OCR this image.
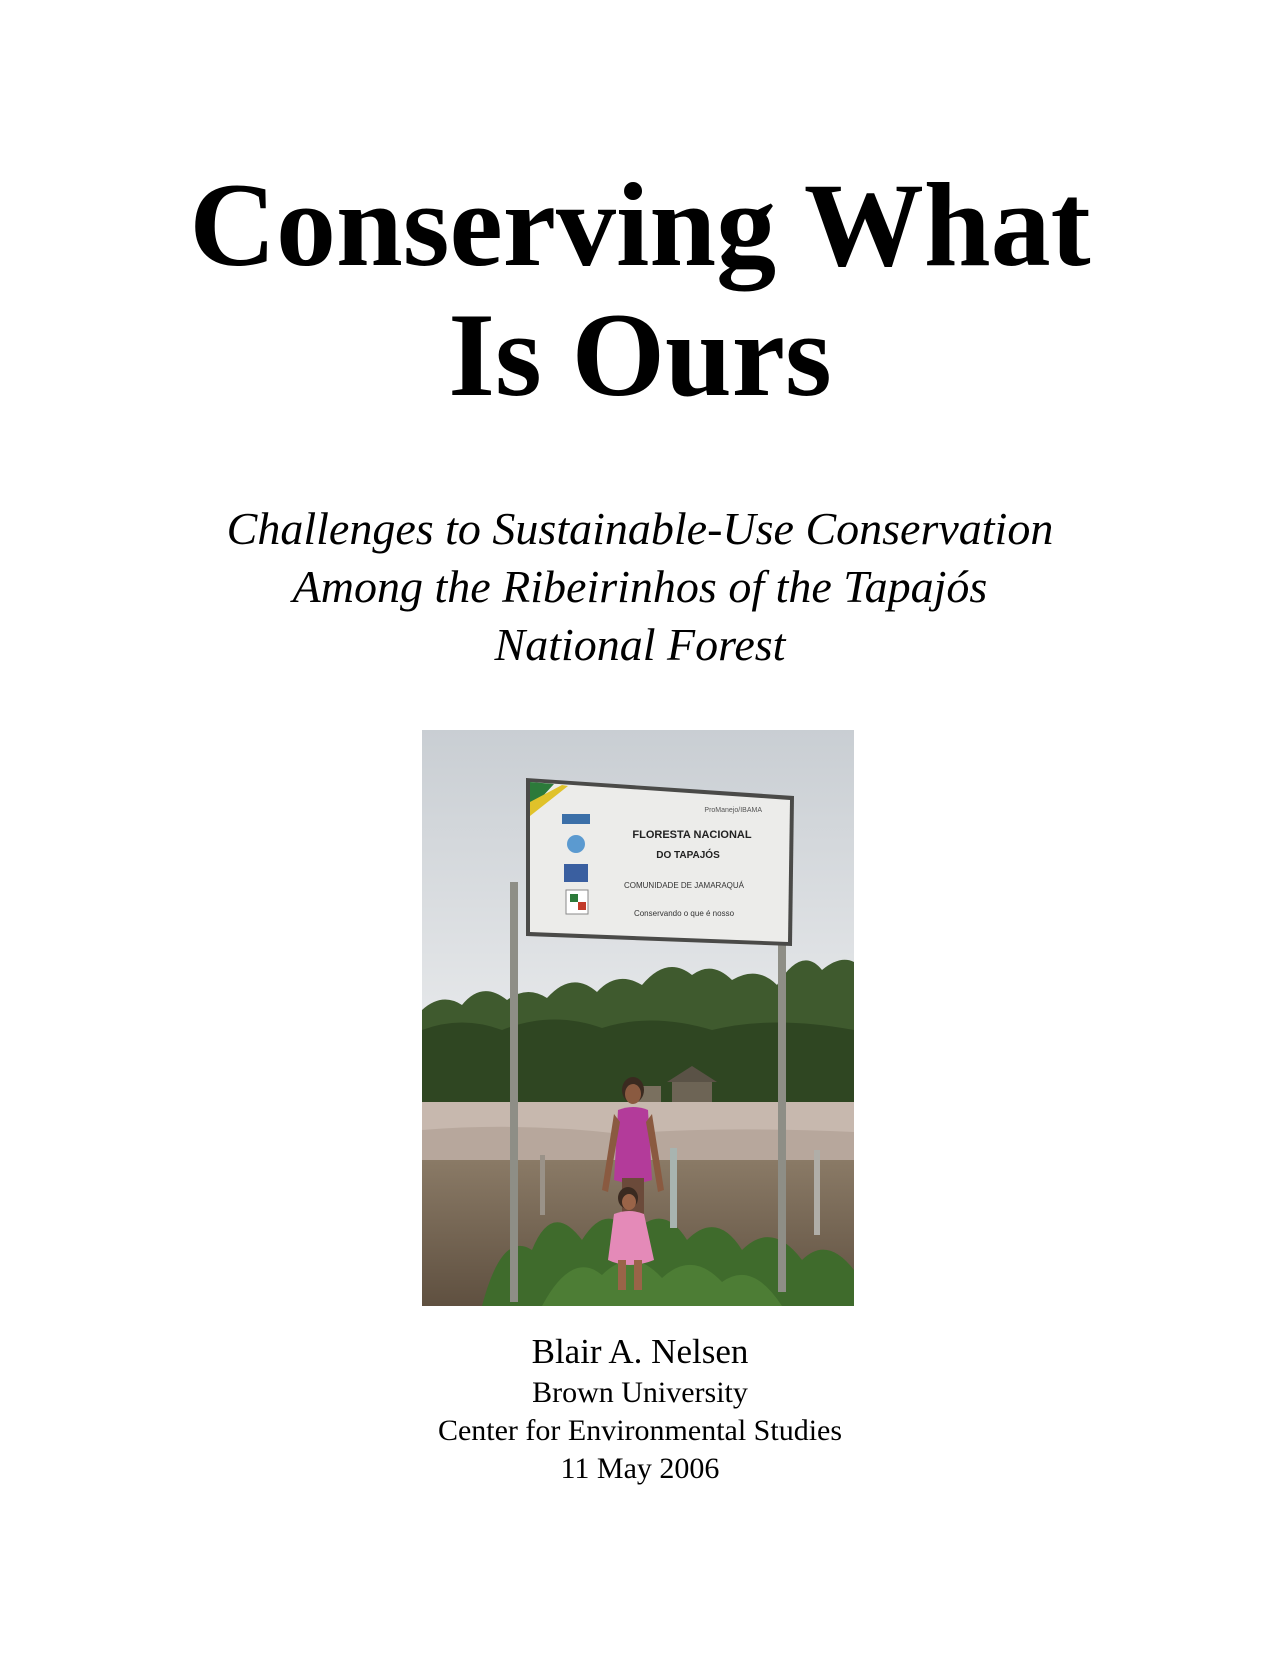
Conserving What
Is Ours
Challenges to Sustainable-Use Conservation
Among the Ribeirinhos of the Tapajós
National Forest
ProManejo/IBAMA
FLORESTA NACIONAL
DO TAPAJÓS
COMUNIDADE DE JAMARAQUÁ
Conservando o que é nosso

Blair A. Nelsen

Brown University

Center for Environmental Studies

11 May 2006
